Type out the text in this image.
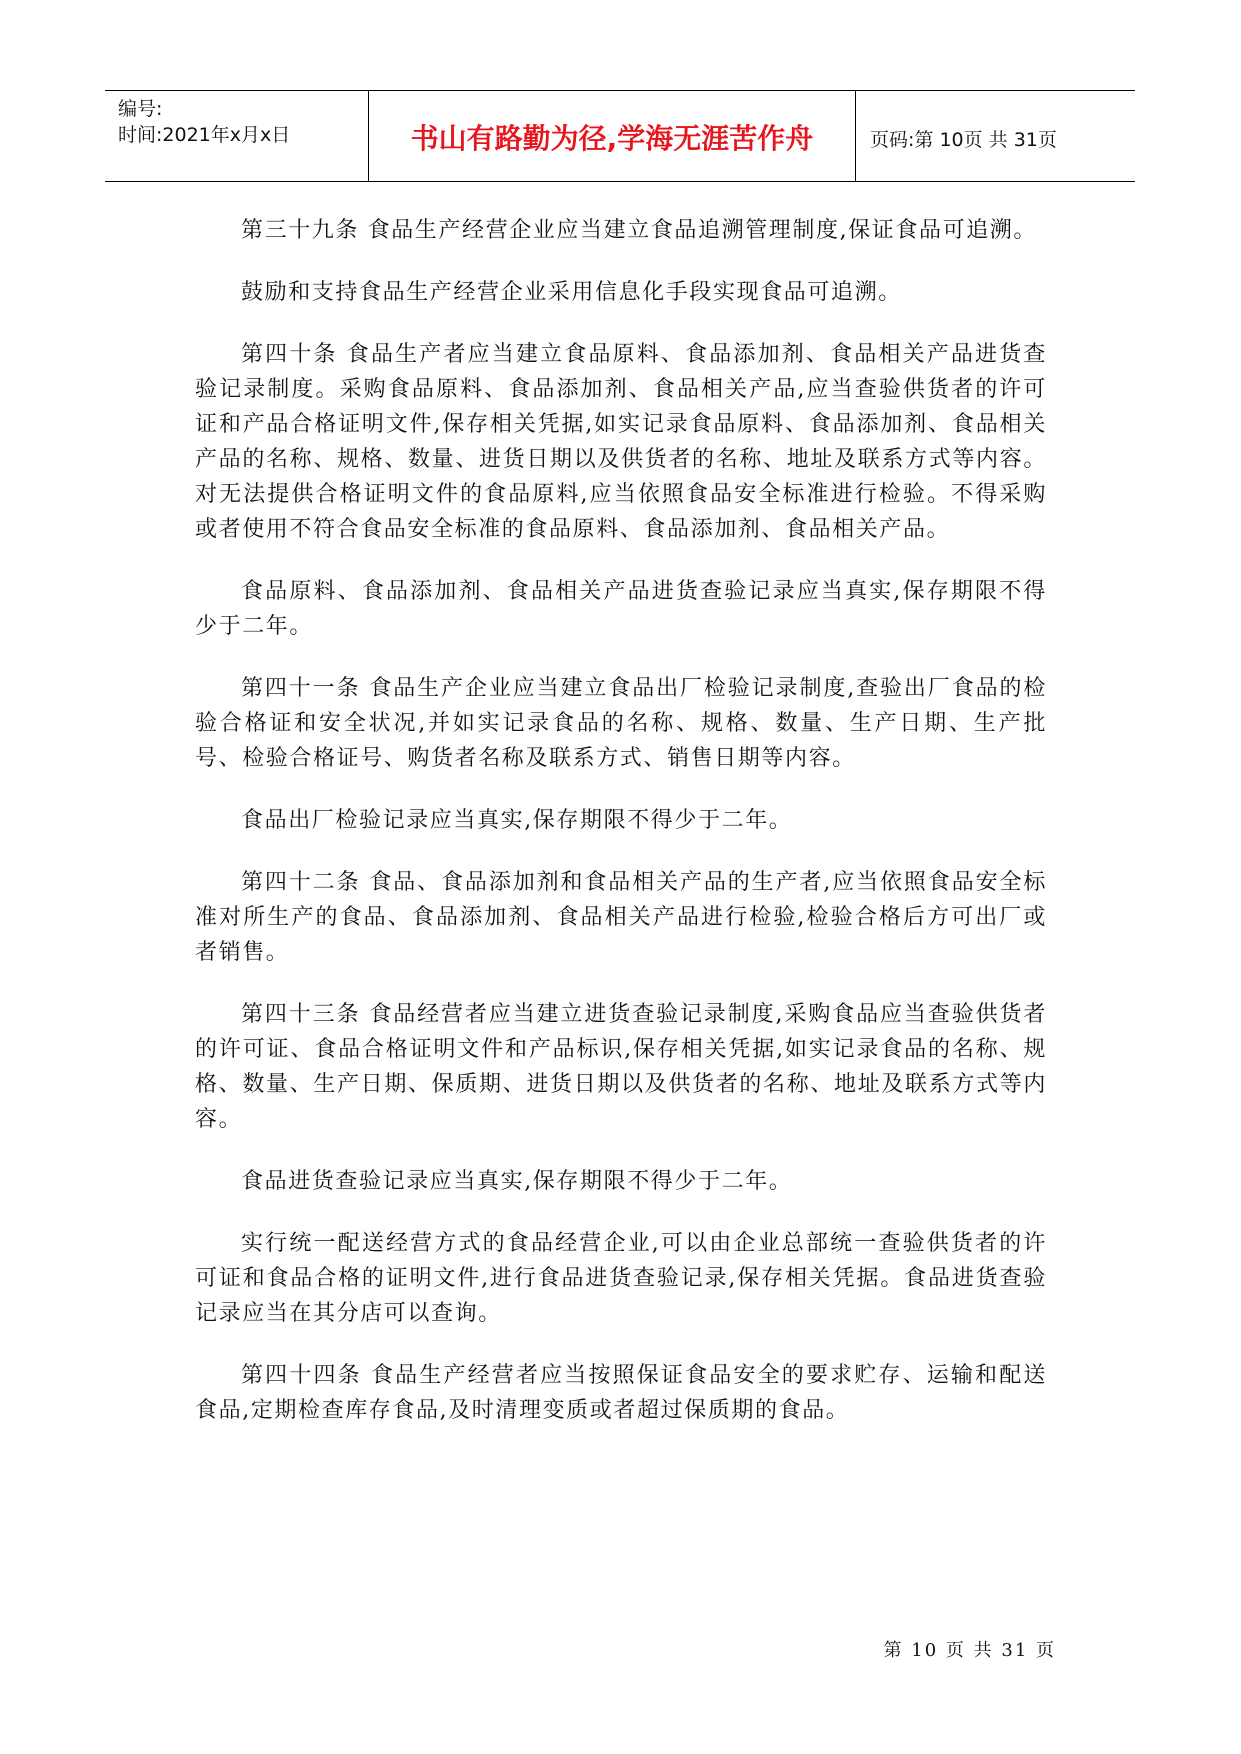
编号:
时间:2021年x月x日	书山有路勤为径,学海无涯苦作舟	页码:第 10页 共 31页

第三十九条 食品生产经营企业应当建立食品追溯管理制度,保证食品可追溯。

鼓励和支持食品生产经营企业采用信息化手段实现食品可追溯。

第四十条 食品生产者应当建立食品原料、食品添加剂、食品相关产品进货查验记录制度。采购食品原料、食品添加剂、食品相关产品,应当查验供货者的许可证和产品合格证明文件,保存相关凭据,如实记录食品原料、食品添加剂、食品相关产品的名称、规格、数量、进货日期以及供货者的名称、地址及联系方式等内容。对无法提供合格证明文件的食品原料,应当依照食品安全标准进行检验。不得采购或者使用不符合食品安全标准的食品原料、食品添加剂、食品相关产品。

食品原料、食品添加剂、食品相关产品进货查验记录应当真实,保存期限不得少于二年。

第四十一条 食品生产企业应当建立食品出厂检验记录制度,查验出厂食品的检验合格证和安全状况,并如实记录食品的名称、规格、数量、生产日期、生产批号、检验合格证号、购货者名称及联系方式、销售日期等内容。

食品出厂检验记录应当真实,保存期限不得少于二年。

第四十二条 食品、食品添加剂和食品相关产品的生产者,应当依照食品安全标准对所生产的食品、食品添加剂、食品相关产品进行检验,检验合格后方可出厂或者销售。

第四十三条 食品经营者应当建立进货查验记录制度,采购食品应当查验供货者的许可证、食品合格证明文件和产品标识,保存相关凭据,如实记录食品的名称、规格、数量、生产日期、保质期、进货日期以及供货者的名称、地址及联系方式等内容。

食品进货查验记录应当真实,保存期限不得少于二年。

实行统一配送经营方式的食品经营企业,可以由企业总部统一查验供货者的许可证和食品合格的证明文件,进行食品进货查验记录,保存相关凭据。食品进货查验记录应当在其分店可以查询。

第四十四条 食品生产经营者应当按照保证食品安全的要求贮存、运输和配送食品,定期检查库存食品,及时清理变质或者超过保质期的食品。

第 10 页 共 31 页
